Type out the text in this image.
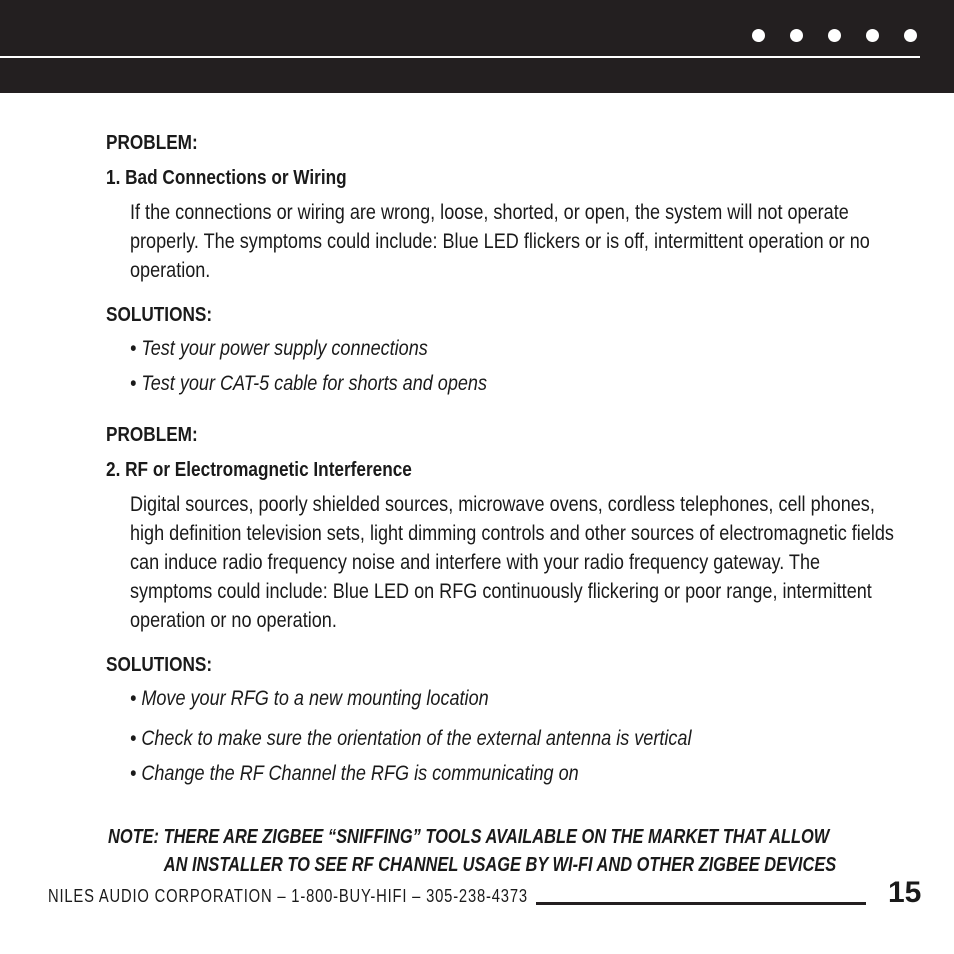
PROBLEM:
1. Bad Connections or Wiring
If the connections or wiring are wrong, loose, shorted, or open, the system will not operate properly. The symptoms could include: Blue LED flickers or is off, intermittent operation or no operation.
SOLUTIONS:
• Test your power supply connections
• Test your CAT-5 cable for shorts and opens
PROBLEM:
2. RF or Electromagnetic Interference
Digital sources, poorly shielded sources, microwave ovens, cordless telephones, cell phones, high definition television sets, light dimming controls and other sources of electromagnetic fields can induce radio frequency noise and interfere with your radio frequency gateway. The symptoms could include: Blue LED on RFG continuously flickering or poor range, intermittent operation or no operation.
SOLUTIONS:
• Move your RFG to a new mounting location
• Check to make sure the orientation of the external antenna is vertical
• Change the RF Channel the RFG is communicating on
NOTE: THERE ARE ZIGBEE “SNIFFING” TOOLS AVAILABLE ON THE MARKET THAT ALLOW
AN INSTALLER TO SEE RF CHANNEL USAGE BY WI-FI AND OTHER ZIGBEE DEVICES
NILES AUDIO CORPORATION – 1-800-BUY-HIFI – 305-238-4373	15
